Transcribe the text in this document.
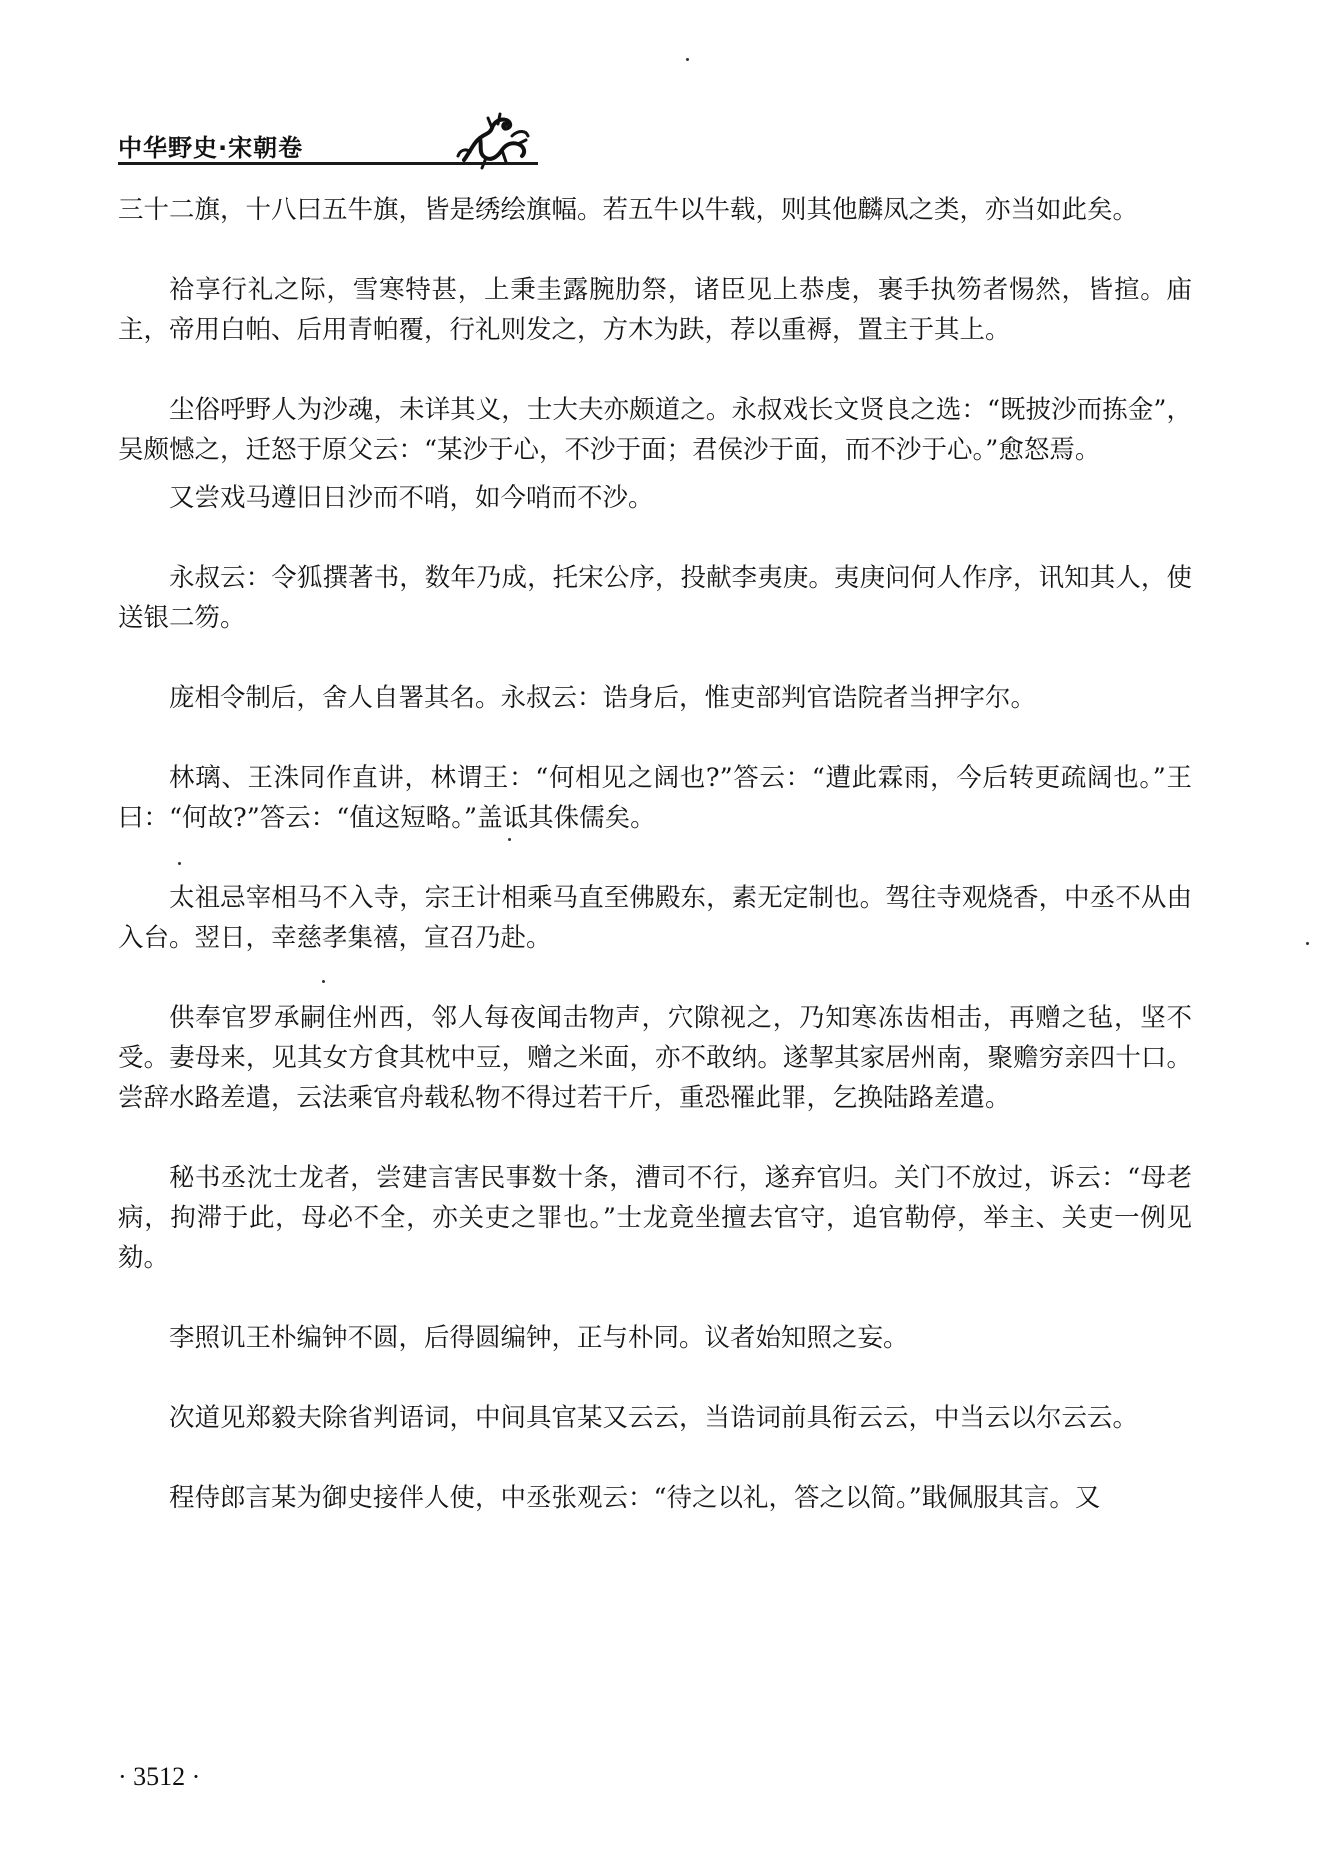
中华野史·宋朝卷

三十二旗，十八曰五牛旗，皆是绣绘旗幅。若五牛以牛载，则其他麟凤之类，亦当如此矣。

祫享行礼之际，雪寒特甚，上秉圭露腕肋祭，诸臣见上恭虔，裹手执笏者惕然，皆揎。庙主，帝用白帕、后用青帕覆，行礼则发之，方木为趺，荐以重褥，置主于其上。

尘俗呼野人为沙魂，未详其义，士大夫亦颇道之。永叔戏长文贤良之选：“既披沙而拣金”，吴颇憾之，迁怒于原父云：“某沙于心，不沙于面；君侯沙于面，而不沙于心。”愈怒焉。

又尝戏马遵旧日沙而不哨，如今哨而不沙。

永叔云：令狐撰著书，数年乃成，托宋公序，投献李夷庚。夷庚问何人作序，讯知其人，使送银二笏。

庞相令制后，舍人自署其名。永叔云：诰身后，惟吏部判官诰院者当押字尔。

林璃、王洙同作直讲，林谓王：“何相见之阔也?”答云：“遭此霖雨，今后转更疏阔也。”王曰：“何故?”答云：“值这短略。”盖诋其侏儒矣。

太祖忌宰相马不入寺，宗王计相乘马直至佛殿东，素无定制也。驾往寺观烧香，中丞不从由入台。翌日，幸慈孝集禧，宣召乃赴。

供奉官罗承嗣住州西，邻人每夜闻击物声，穴隙视之，乃知寒冻齿相击，再赠之毡，坚不受。妻母来，见其女方食其枕中豆，赠之米面，亦不敢纳。遂挈其家居州南，聚赡穷亲四十口。尝辞水路差遣，云法乘官舟载私物不得过若干斤，重恐罹此罪，乞换陆路差遣。

秘书丞沈士龙者，尝建言害民事数十条，漕司不行，遂弃官归。关门不放过，诉云：“母老病，拘滞于此，母必不全，亦关吏之罪也。”士龙竟坐擅去官守，追官勒停，举主、关吏一例见劾。

李照讥王朴编钟不圆，后得圆编钟，正与朴同。议者始知照之妄。

次道见郑毅夫除省判语词，中间具官某又云云，当诰词前具衔云云，中当云以尔云云。

程侍郎言某为御史接伴人使，中丞张观云：“待之以礼，答之以简。”戢佩服其言。又

· 3512 ·
